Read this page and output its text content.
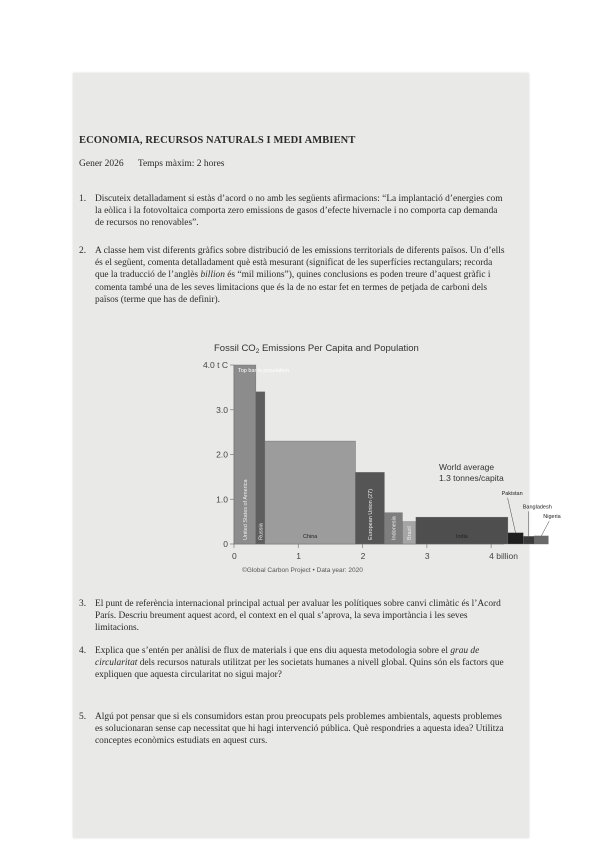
ECONOMIA, RECURSOS NATURALS I MEDI AMBIENT
Gener 2026 Temps màxim: 2 hores
1. Discuteix detalladament si estàs d’acord o no amb les següents afirmacions: “La implantació d’energies com la eòlica i la fotovoltaica comporta zero emissions de gasos d’efecte hivernacle i no comporta cap demanda de recursos no renovables”.
2. A classe hem vist diferents gràfics sobre distribució de les emissions territorials de diferents països. Un d’ells és el següent, comenta detalladament què està mesurant (significat de les superfícies rectangulars; recorda que la traducció de l’anglès billion és “mil milions”), quines conclusions es poden treure d’aquest gràfic i comenta també una de les seves limitacions que és la de no estar fet en termes de petjada de carboni dels països (terme que has de definir).
Fossil $CO_2$ Emissions Per Capita and Population
0
1.0
2.0
3.0
4.0 t C
0	1	2	3	4 billion
United States of America Russia	China	European Union (27)	Indonesia Brazil	India
Pakistan
Bangladesh
Nigeria
Top bar is population
World average
1.3 tonnes/capita
©Global Carbon Project • Data year: 2020
3. El punt de referència internacional principal actual per avaluar les polítiques sobre canvi climàtic és l’Acord París. Descriu breument aquest acord, el context en el qual s’aprova, la seva importància i les seves limitacions.
4. Explica que s’entén per anàlisi de flux de materials i que ens diu aquesta metodologia sobre el grau de circularitat dels recursos naturals utilitzat per les societats humanes a nivell global. Quins són els factors que expliquen que aquesta circularitat no sigui major?
5. Algú pot pensar que si els consumidors estan prou preocupats pels problemes ambientals, aquests problemes es solucionaran sense cap necessitat que hi hagi intervenció pública. Què respondries a aquesta idea? Utilitza conceptes econòmics estudiats en aquest curs.
